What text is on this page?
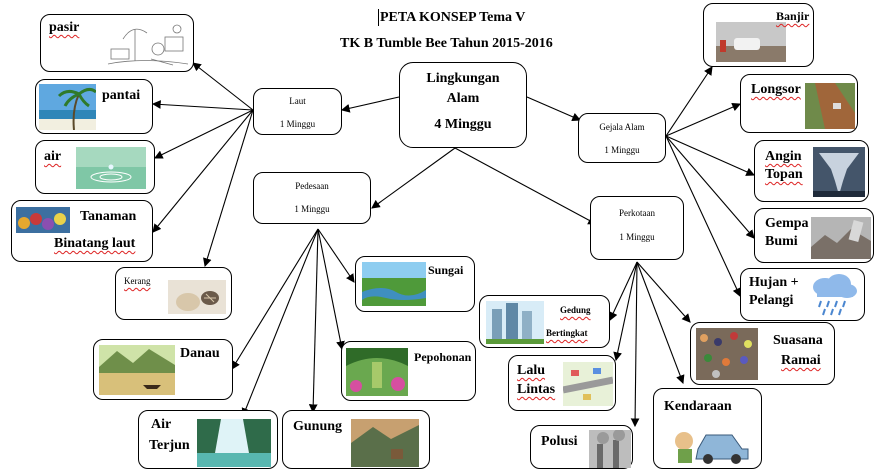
PETA KONSEP Tema V
TK B Tumble Bee Tahun 2015-2016
Lingkungan
Alam
4 Minggu
Laut
1 Minggu
Pedesaan
1 Minggu	Perkotaan
1 Minggu
Gejala Alam
1 Minggu
pasir
pantai
air
Tanaman
Binatang laut
Kerang
Sungai
Danau	Pepohonan
Air
Terjun
Gunung
Gedung
Bertingkat
Lalu
Lintas
Polusi
Kendaraan
Suasana
Ramai
Banjir
Longsor
Angin
Topan
Gempa
Bumi
Hujan +
Pelangi
